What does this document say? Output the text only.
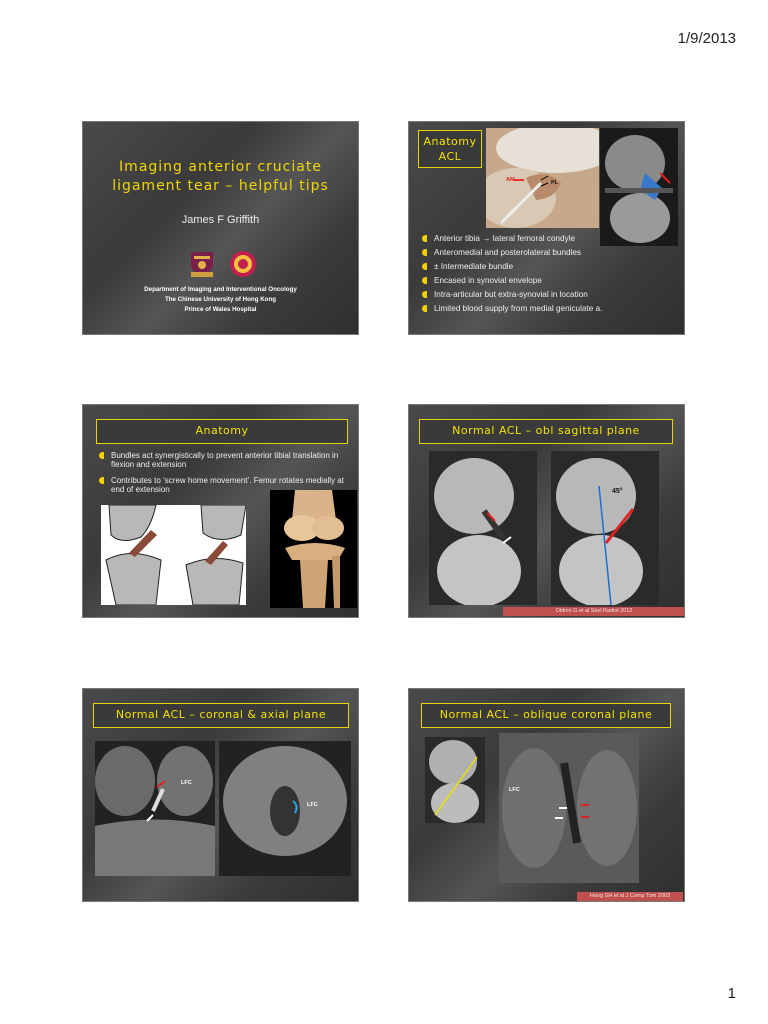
1/9/2013
Imaging anterior cruciate
ligament tear – helpful tips
James F Griffith
Department of Imaging and Interventional Oncology
The Chinese University of Hong Kong
Prince of Wales Hospital
Anatomy
ACL
AM	PL
Anterior tibia → lateral femoral condyle
Anteromedial and posterolateral bundles
± Intermediate bundle
Encased in synovial envelope
Intra-articular but extra-synovial in location
Limited blood supply from medial geniculate a.
Anatomy
Bundles act synergistically to prevent anterior tibial translation in flexion and extension
Contributes to ‘screw home movement’. Femur rotates medially at end of extension
Normal ACL – obl sagittal plane
45°
Oldrini G et al Skel Radiol 2012
Normal ACL – coronal & axial plane
LFC
LFC
Normal ACL – oblique coronal plane
LFC
Hong SH et al J Comp Tom 2003
1
